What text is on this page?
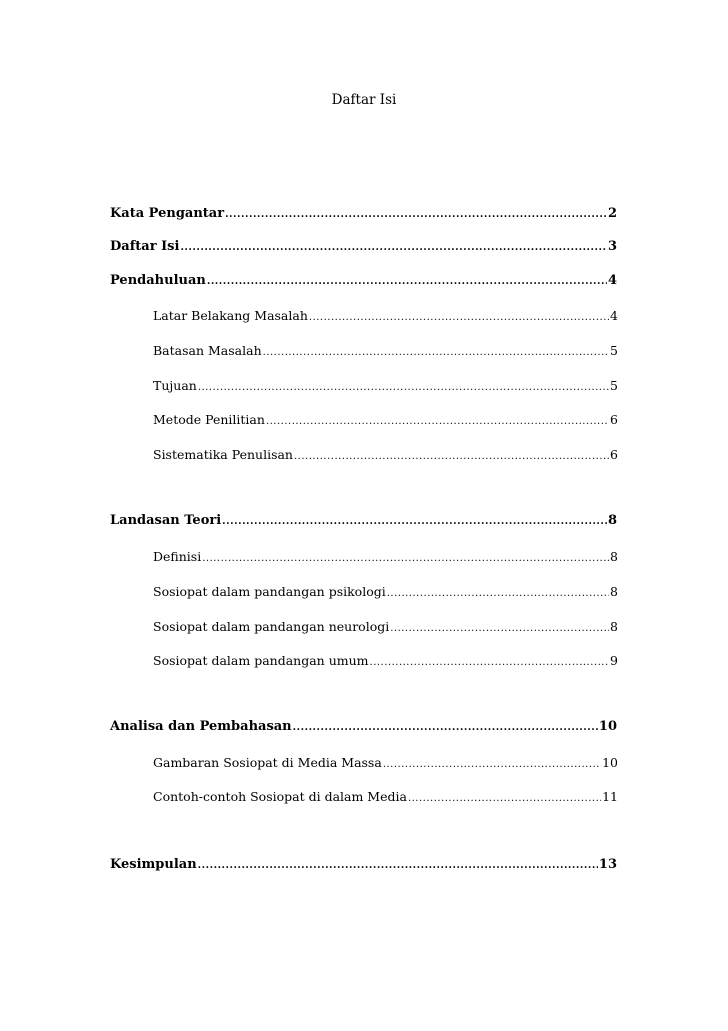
Daftar Isi
Kata Pengantar .....	2
Daftar Isi .....	3
Pendahuluan .....	4
Latar Belakang Masalah .....	4
Batasan Masalah .....	5
Tujuan .....	5
Metode Penilitian .....	6
Sistematika Penulisan .....	6
Landasan Teori .....	8
Definisi .....	8
Sosiopat dalam pandangan psikologi .....	8
Sosiopat dalam pandangan neurologi .....	8
Sosiopat dalam pandangan umum .....	9
Analisa dan Pembahasan .....	10
Gambaran Sosiopat di Media Massa .....	10
Contoh-contoh Sosiopat di dalam Media .....	11
Kesimpulan .....	13
